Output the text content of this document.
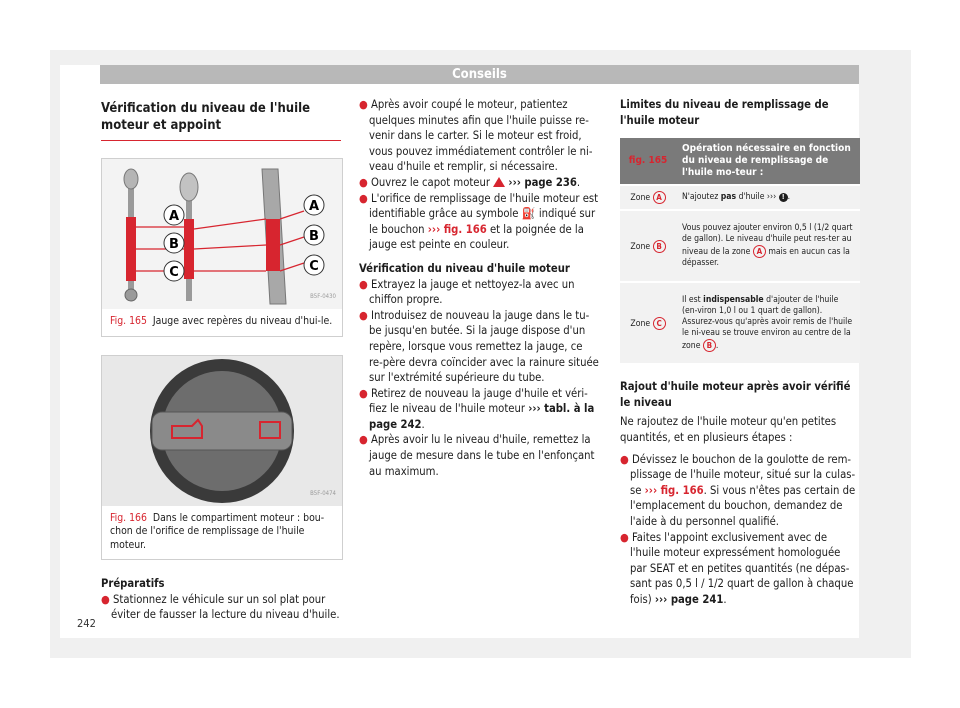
Conseils
Vérification du niveau de l'huile moteur et appoint
A
B
C
A
B
C
B5F-0430
Fig. 165 Jauge avec repères du niveau d'hui-le.
B5F-0474
Fig. 166 Dans le compartiment moteur : bou-chon de l'orifice de remplissage de l'huile moteur.

Préparatifs

● Stationnez le véhicule sur un sol plat pour éviter de fausser la lecture du niveau d'huile.

● Après avoir coupé le moteur, patientez quelques minutes afin que l'huile puisse re-venir dans le carter. Si le moteur est froid, vous pouvez immédiatement contrôler le ni-veau d'huile et remplir, si nécessaire.

● Ouvrez le capot moteur ››› page 236.

● L'orifice de remplissage de l'huile moteur est identifiable grâce au symbole ⛽ indiqué sur le bouchon ››› fig. 166 et la poignée de la jauge est peinte en couleur.

Vérification du niveau d'huile moteur

● Extrayez la jauge et nettoyez-la avec un chiffon propre.

● Introduisez de nouveau la jauge dans le tu-be jusqu'en butée. Si la jauge dispose d'un repère, lorsque vous remettez la jauge, ce re-père devra coïncider avec la rainure située sur l'extrémité supérieure du tube.

● Retirez de nouveau la jauge d'huile et véri-fiez le niveau de l'huile moteur ››› tabl. à la page 242.

● Après avoir lu le niveau d'huile, remettez la jauge de mesure dans le tube en l'enfonçant au maximum.

Limites du niveau de remplissage de l'huile moteur

fig. 165	Opération nécessaire en fonction du niveau de remplissage de l'huile mo-teur :
Zone A	N'ajoutez pas d'huile ››› ! .
Zone B	Vous pouvez ajouter environ 0,5 l (1/2 quart de gallon). Le niveau d'huile peut res-ter au niveau de la zone A mais en aucun cas la dépasser.
Zone C	Il est indispensable d'ajouter de l'huile (en-viron 1,0 l ou 1 quart de gallon). Assurez-vous qu'après avoir remis de l'huile le ni-veau se trouve environ au centre de la zone B .

Rajout d'huile moteur après avoir vérifié le niveau

Ne rajoutez de l'huile moteur qu'en petites quantités, et en plusieurs étapes :

● Dévissez le bouchon de la goulotte de rem-plissage de l'huile moteur, situé sur la culas-se ››› fig. 166. Si vous n'êtes pas certain de l'emplacement du bouchon, demandez de l'aide à du personnel qualifié.

● Faites l'appoint exclusivement avec de l'huile moteur expressément homologuée par SEAT et en petites quantités (ne dépas-sant pas 0,5 l / 1/2 quart de gallon à chaque fois) ››› page 241.

242
